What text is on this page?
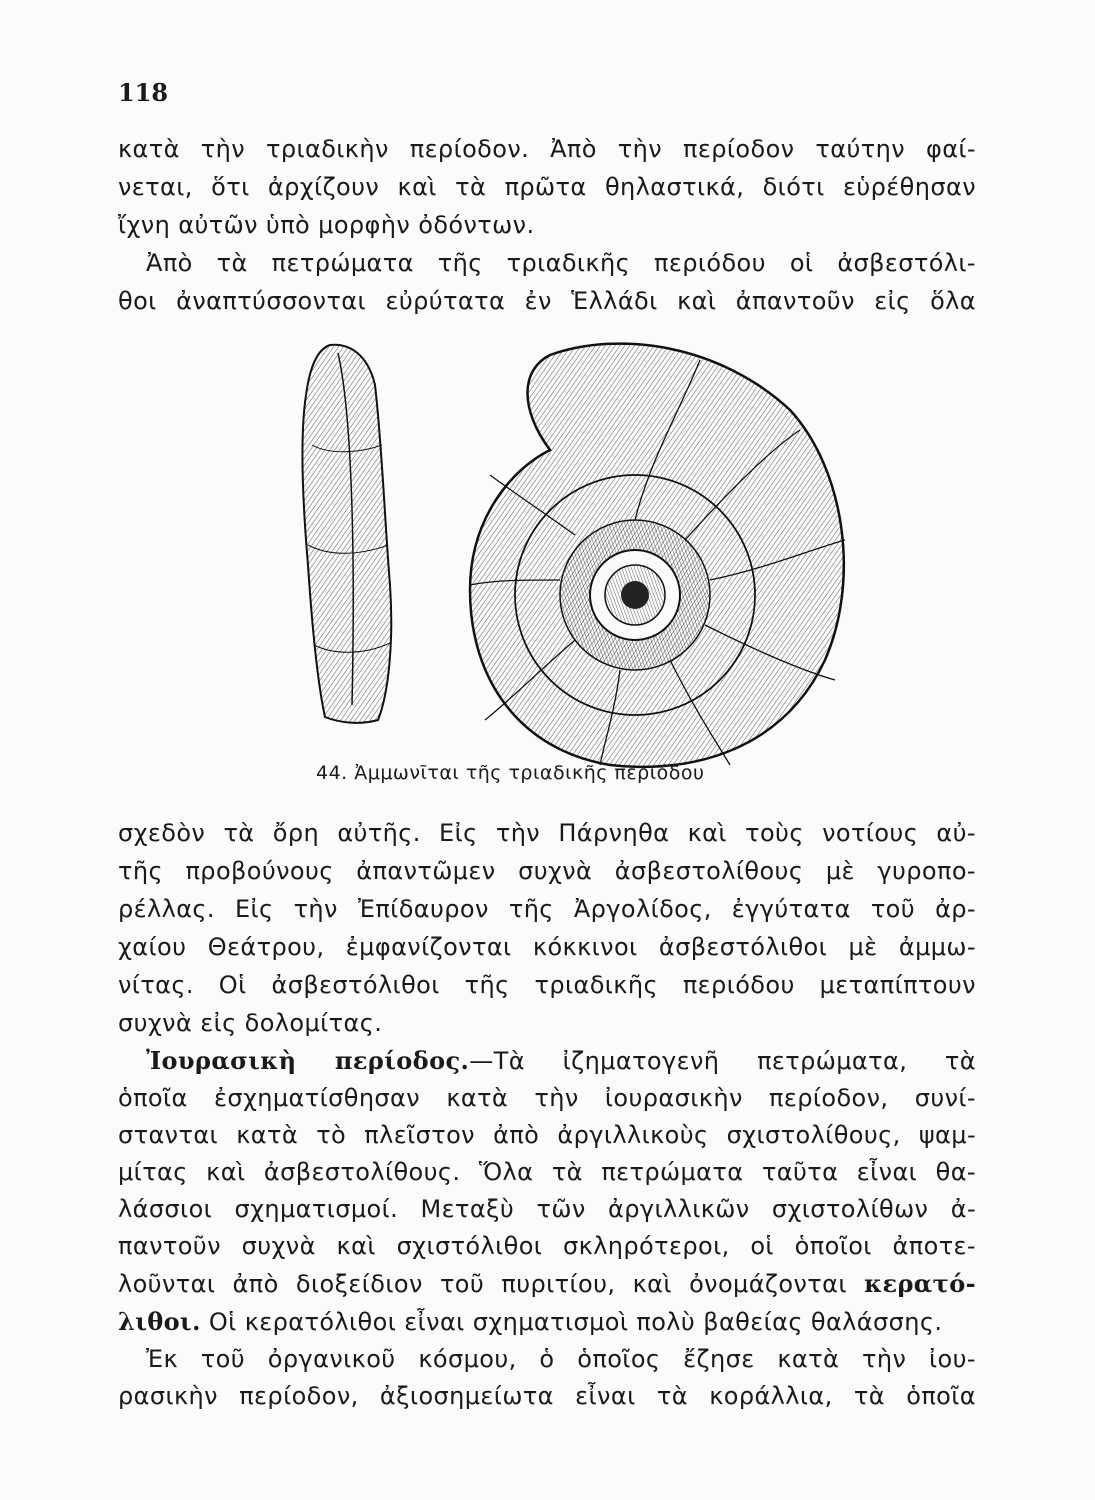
118
κατὰ τὴν τριαδικὴν περίοδον. Ἀπὸ τὴν περίοδον ταύτην φαί-
νεται, ὅτι ἀρχίζουν καὶ τὰ πρῶτα θηλαστικά, διότι εὑρέθησαν
ἴχνη αὐτῶν ὑπὸ μορφὴν ὀδόντων.
Ἀπὸ τὰ πετρώματα τῆς τριαδικῆς περιόδου οἱ ἀσβεστόλι-
θοι ἀναπτύσσονται εὐρύτατα ἐν Ἑλλάδι καὶ ἀπαντοῦν εἰς ὅλα
44. Ἀμμωνῖται τῆς τριαδικῆς περιόδου
σχεδὸν τὰ ὄρη αὐτῆς. Εἰς τὴν Πάρνηθα καὶ τοὺς νοτίους αὐ-
τῆς προβούνους ἀπαντῶμεν συχνὰ ἀσβεστολίθους μὲ γυροπο-
ρέλλας. Εἰς τὴν Ἐπίδαυρον τῆς Ἀργολίδος, ἐγγύτατα τοῦ ἀρ-
χαίου Θεάτρου, ἐμφανίζονται κόκκινοι ἀσβεστόλιθοι μὲ ἀμμω-
νίτας. Οἱ ἀσβεστόλιθοι τῆς τριαδικῆς περιόδου μεταπίπτουν
συχνὰ εἰς δολομίτας.
Ἰουρασικὴ περίοδος.—Τὰ ἰζηματογενῆ πετρώματα, τὰ
ὁποῖα ἐσχηματίσθησαν κατὰ τὴν ἰουρασικὴν περίοδον, συνί-
στανται κατὰ τὸ πλεῖστον ἀπὸ ἀργιλλικοὺς σχιστολίθους, ψαμ-
μίτας καὶ ἀσβεστολίθους. Ὅλα τὰ πετρώματα ταῦτα εἶναι θα-
λάσσιοι σχηματισμοί. Μεταξὺ τῶν ἀργιλλικῶν σχιστολίθων ἀ-
παντοῦν συχνὰ καὶ σχιστόλιθοι σκληρότεροι, οἱ ὁποῖοι ἀποτε-
λοῦνται ἀπὸ διοξείδιον τοῦ πυριτίου, καὶ ὀνομάζονται κερατό-
λιθοι. Οἱ κερατόλιθοι εἶναι σχηματισμοὶ πολὺ βαθείας θαλάσσης.
Ἐκ τοῦ ὀργανικοῦ κόσμου, ὁ ὁποῖος ἔζησε κατὰ τὴν ἰου-
ρασικὴν περίοδον, ἀξιοσημείωτα εἶναι τὰ κοράλλια, τὰ ὁποῖα
